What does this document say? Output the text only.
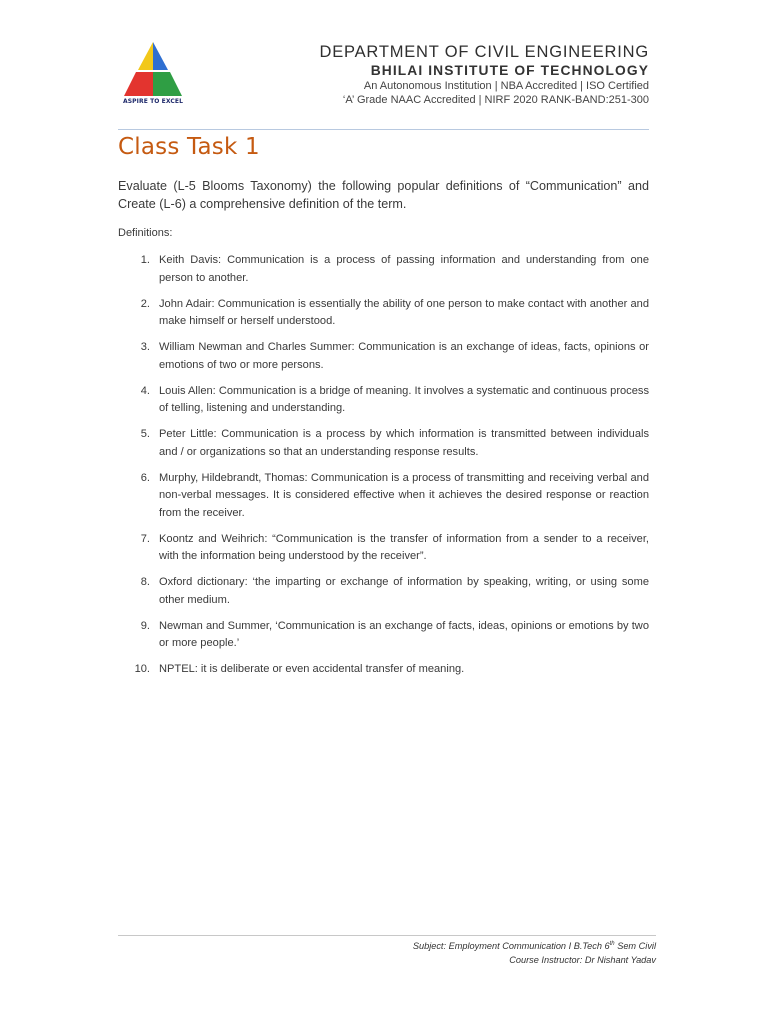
ASPIRE TO EXCEL
DEPARTMENT OF CIVIL ENGINEERING
BHILAI INSTITUTE OF TECHNOLOGY
An Autonomous Institution | NBA Accredited | ISO Certified
‘A’ Grade NAAC Accredited | NIRF 2020 RANK-BAND:251-300
Class Task 1
Evaluate (L-5 Blooms Taxonomy) the following popular definitions of “Communication” and Create (L-6) a comprehensive definition of the term.
Definitions:
1. Keith Davis: Communication is a process of passing information and understanding from one person to another.
2. John Adair: Communication is essentially the ability of one person to make contact with another and make himself or herself understood.
3. William Newman and Charles Summer: Communication is an exchange of ideas, facts, opinions or emotions of two or more persons.
4. Louis Allen: Communication is a bridge of meaning. It involves a systematic and continuous process of telling, listening and understanding.
5. Peter Little: Communication is a process by which information is transmitted between individuals and / or organizations so that an understanding response results.
6. Murphy, Hildebrandt, Thomas: Communication is a process of transmitting and receiving verbal and non-verbal messages. It is considered effective when it achieves the desired response or reaction from the receiver.
7. Koontz and Weihrich: “Communication is the transfer of information from a sender to a receiver, with the information being understood by the receiver”.
8. Oxford dictionary: ‘the imparting or exchange of information by speaking, writing, or using some other medium.
9. Newman and Summer, ‘Communication is an exchange of facts, ideas, opinions or emotions by two or more people.’
10. NPTEL: it is deliberate or even accidental transfer of meaning.
Subject: Employment Communication I B.Tech 6th Sem Civil
Course Instructor: Dr Nishant Yadav
